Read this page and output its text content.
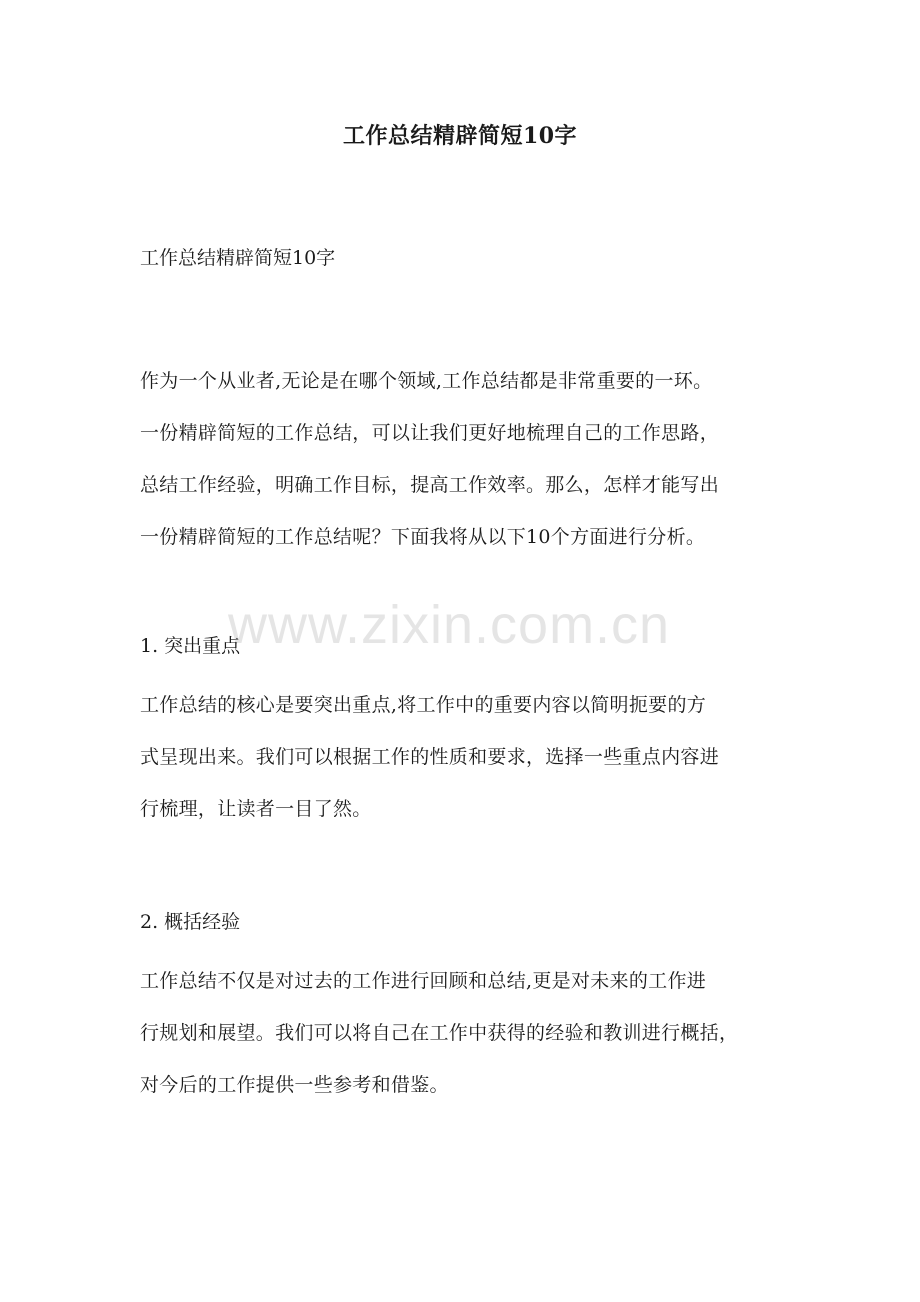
工作总结精辟简短10字
工作总结精辟简短10字
作为一个从业者,无论是在哪个领域,工作总结都是非常重要的一环。
一份精辟简短的工作总结，可以让我们更好地梳理自己的工作思路，
总结工作经验，明确工作目标，提高工作效率。那么，怎样才能写出
一份精辟简短的工作总结呢？下面我将从以下10个方面进行分析。
1. 突出重点
工作总结的核心是要突出重点,将工作中的重要内容以简明扼要的方
式呈现出来。我们可以根据工作的性质和要求，选择一些重点内容进
行梳理，让读者一目了然。
2. 概括经验
工作总结不仅是对过去的工作进行回顾和总结,更是对未来的工作进
行规划和展望。我们可以将自己在工作中获得的经验和教训进行概括，
对今后的工作提供一些参考和借鉴。
www.zixin.com.cn
